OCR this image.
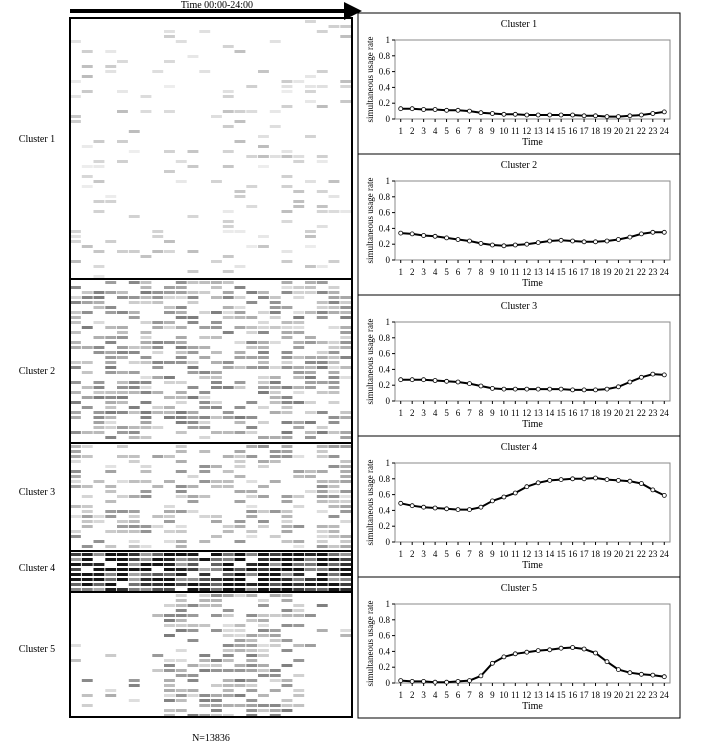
Cluster 1
Cluster 2
Cluster 3
Cluster 4
Cluster 5
Time 00:00-24:00
N=13836
Cluster 1
0
0.2
0.4
0.6
0.8
1
1 2 3 4 5 6 7 8 9 10 11 12 13 14 15 16 17 18 19 20 21 22 23 24
Time
simultaneous usage rate
Cluster 2
0
0.2
0.4
0.6
0.8
1
1 2 3 4 5 6 7 8 9 10 11 12 13 14 15 16 17 18 19 20 21 22 23 24
Time
simultaneous usage rate
Cluster 3
0
0.2
0.4
0.6
0.8
1
1 2 3 4 5 6 7 8 9 10 11 12 13 14 15 16 17 18 19 20 21 22 23 24
Time
simultaneous usage rate
Cluster 4
0
0.2
0.4
0.6
0.8
1
1 2 3 4 5 6 7 8 9 10 11 12 13 14 15 16 17 18 19 20 21 22 23 24
Time
simultaneous usage rate
Cluster 5
0
0.2
0.4
0.6
0.8
1
1 2 3 4 5 6 7 8 9 10 11 12 13 14 15 16 17 18 19 20 21 22 23 24
Time
simultaneous usage rate
